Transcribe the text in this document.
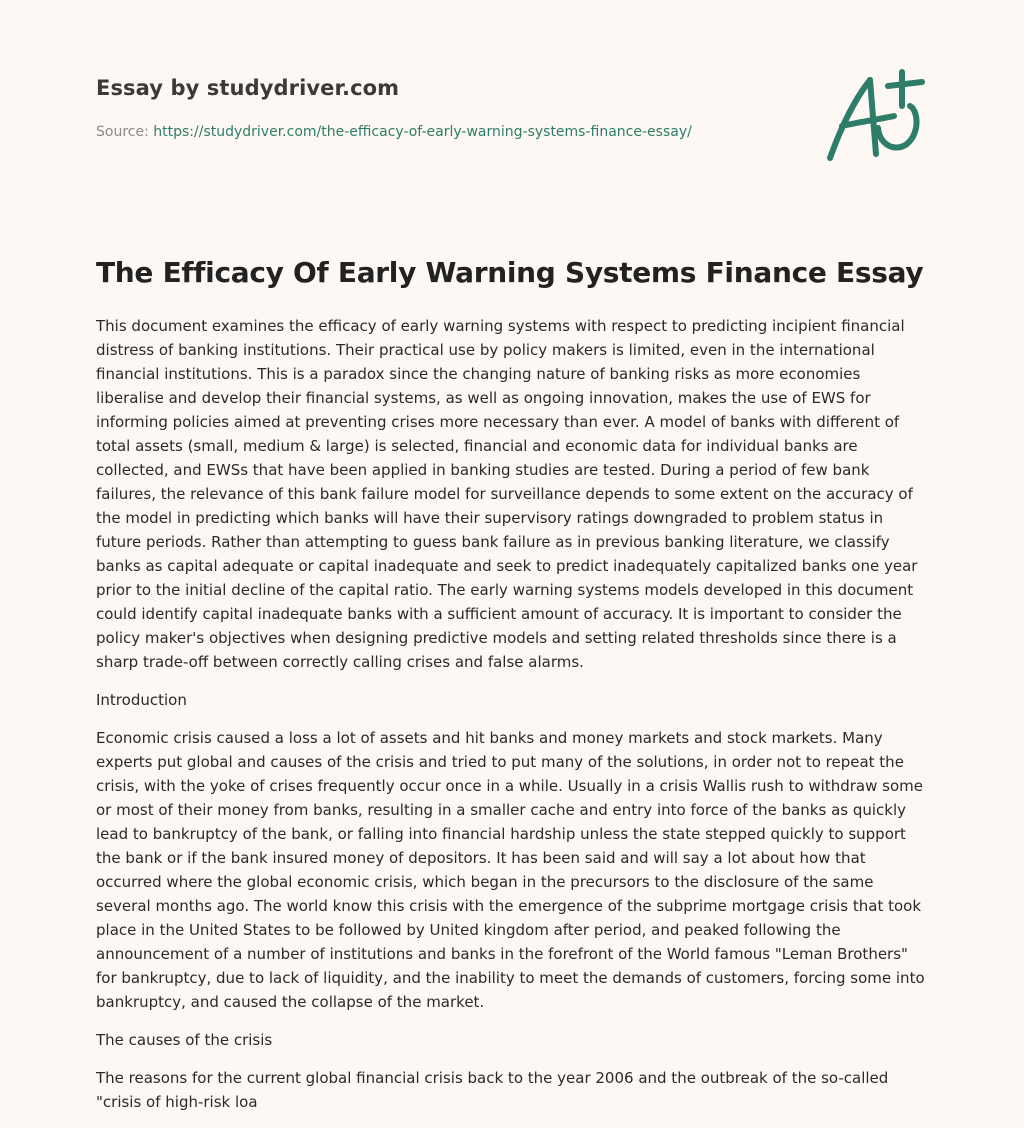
Essay by studydriver.com
Source: https://studydriver.com/the-efficacy-of-early-warning-systems-finance-essay/
The Efficacy Of Early Warning Systems Finance Essay

This document examines the efficacy of early warning systems with respect to predicting incipient financial distress of banking institutions. Their practical use by policy makers is limited, even in the international financial institutions. This is a paradox since the changing nature of banking risks as more economies liberalise and develop their financial systems, as well as ongoing innovation, makes the use of EWS for informing policies aimed at preventing crises more necessary than ever. A model of banks with different of total assets (small, medium & large) is selected, financial and economic data for individual banks are collected, and EWSs that have been applied in banking studies are tested. During a period of few bank failures, the relevance of this bank failure model for surveillance depends to some extent on the accuracy of the model in predicting which banks will have their supervisory ratings downgraded to problem status in future periods. Rather than attempting to guess bank failure as in previous banking literature, we classify banks as capital adequate or capital inadequate and seek to predict inadequately capitalized banks one year prior to the initial decline of the capital ratio. The early warning systems models developed in this document could identify capital inadequate banks with a sufficient amount of accuracy. It is important to consider the policy maker's objectives when designing predictive models and setting related thresholds since there is a sharp trade-off between correctly calling crises and false alarms.

Introduction

Economic crisis caused a loss a lot of assets and hit banks and money markets and stock markets. Many experts put global and causes of the crisis and tried to put many of the solutions, in order not to repeat the crisis, with the yoke of crises frequently occur once in a while. Usually in a crisis Wallis rush to withdraw some or most of their money from banks, resulting in a smaller cache and entry into force of the banks as quickly lead to bankruptcy of the bank, or falling into financial hardship unless the state stepped quickly to support the bank or if the bank insured money of depositors. It has been said and will say a lot about how that occurred where the global economic crisis, which began in the precursors to the disclosure of the same several months ago. The world know this crisis with the emergence of the subprime mortgage crisis that took place in the United States to be followed by United kingdom after period, and peaked following the announcement of a number of institutions and banks in the forefront of the World famous "Leman Brothers" for bankruptcy, due to lack of liquidity, and the inability to meet the demands of customers, forcing some into bankruptcy, and caused the collapse of the market.

The causes of the crisis

The reasons for the current global financial crisis back to the year 2006 and the outbreak of the so-called "crisis of high-risk loa
